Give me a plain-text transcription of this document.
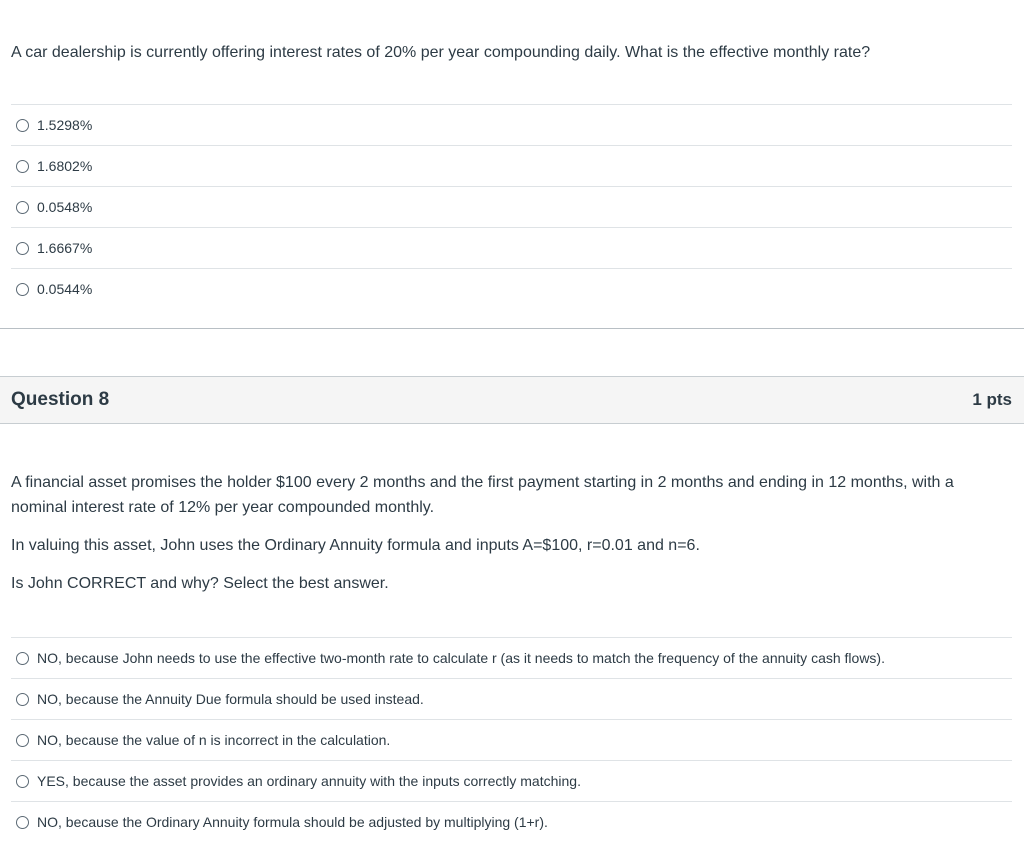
A car dealership is currently offering interest rates of 20% per year compounding daily. What is the effective monthly rate?
1.5298%
1.6802%
0.0548%
1.6667%
0.0544%
Question 8	1 pts

A financial asset promises the holder $100 every 2 months and the first payment starting in 2 months and ending in 12 months, with a nominal interest rate of 12% per year compounded monthly.

In valuing this asset, John uses the Ordinary Annuity formula and inputs A=$100, r=0.01 and n=6.

Is John CORRECT and why? Select the best answer.

NO, because John needs to use the effective two-month rate to calculate r (as it needs to match the frequency of the annuity cash flows).
NO, because the Annuity Due formula should be used instead.
NO, because the value of n is incorrect in the calculation.
YES, because the asset provides an ordinary annuity with the inputs correctly matching.
NO, because the Ordinary Annuity formula should be adjusted by multiplying (1+r).
